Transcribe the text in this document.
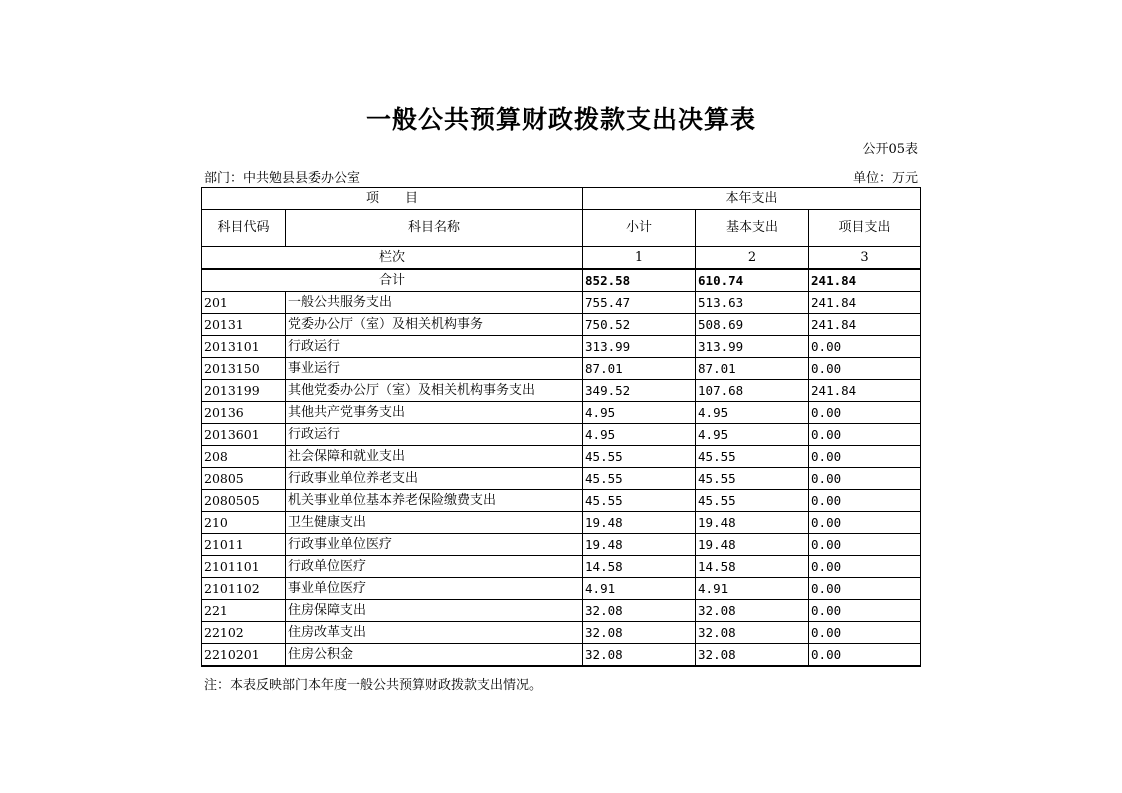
一般公共预算财政拨款支出决算表
公开05表
部门：中共勉县县委办公室	单位：万元
项　　目		本年支出		
科目代码	科目名称	小计	基本支出	项目支出
栏次		1	2	3
合计		852.58	610.74	241.84
201	一般公共服务支出	755.47	513.63	241.84
20131	党委办公厅（室）及相关机构事务	750.52	508.69	241.84
2013101	行政运行	313.99	313.99	0.00
2013150	事业运行	87.01	87.01	0.00
2013199	其他党委办公厅（室）及相关机构事务支出	349.52	107.68	241.84
20136	其他共产党事务支出	4.95	4.95	0.00
2013601	行政运行	4.95	4.95	0.00
208	社会保障和就业支出	45.55	45.55	0.00
20805	行政事业单位养老支出	45.55	45.55	0.00
2080505	机关事业单位基本养老保险缴费支出	45.55	45.55	0.00
210	卫生健康支出	19.48	19.48	0.00
21011	行政事业单位医疗	19.48	19.48	0.00
2101101	行政单位医疗	14.58	14.58	0.00
2101102	事业单位医疗	4.91	4.91	0.00
221	住房保障支出	32.08	32.08	0.00
22102	住房改革支出	32.08	32.08	0.00
2210201	住房公积金	32.08	32.08	0.00
注：本表反映部门本年度一般公共预算财政拨款支出情况。
